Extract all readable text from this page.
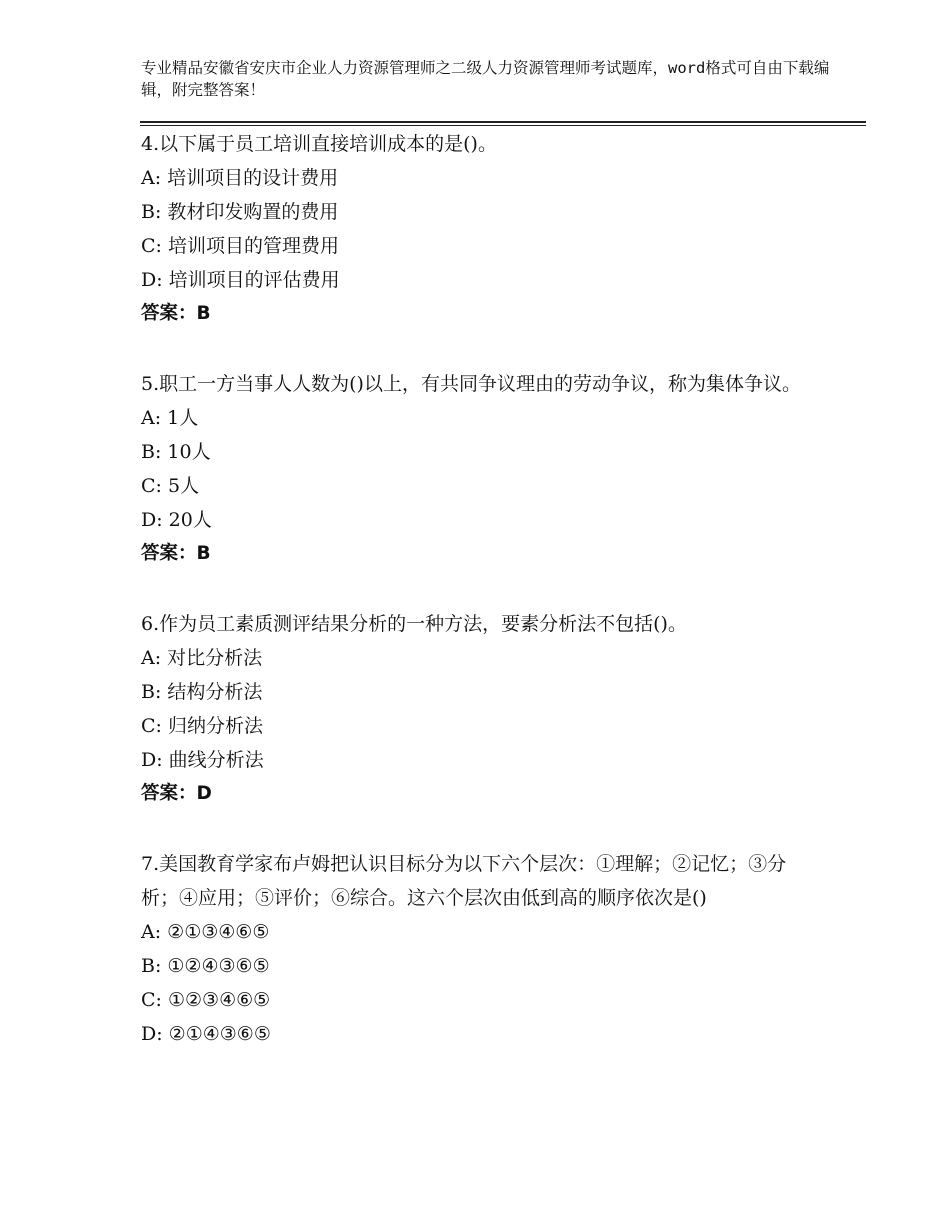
专业精品安徽省安庆市企业人力资源管理师之二级人力资源管理师考试题库，word格式可自由下载编辑，附完整答案！
4.以下属于员工培训直接培训成本的是()。
A: 培训项目的设计费用
B: 教材印发购置的费用
C: 培训项目的管理费用
D: 培训项目的评估费用
答案：B
5.职工一方当事人人数为()以上，有共同争议理由的劳动争议，称为集体争议。
A: 1人
B: 10人
C: 5人
D: 20人
答案：B
6.作为员工素质测评结果分析的一种方法，要素分析法不包括()。
A: 对比分析法
B: 结构分析法
C: 归纳分析法
D: 曲线分析法
答案：D
7.美国教育学家布卢姆把认识目标分为以下六个层次：①理解；②记忆；③分析；④应用；⑤评价；⑥综合。这六个层次由低到高的顺序依次是()
A: ②①③④⑥⑤
B: ①②④③⑥⑤
C: ①②③④⑥⑤
D: ②①④③⑥⑤
